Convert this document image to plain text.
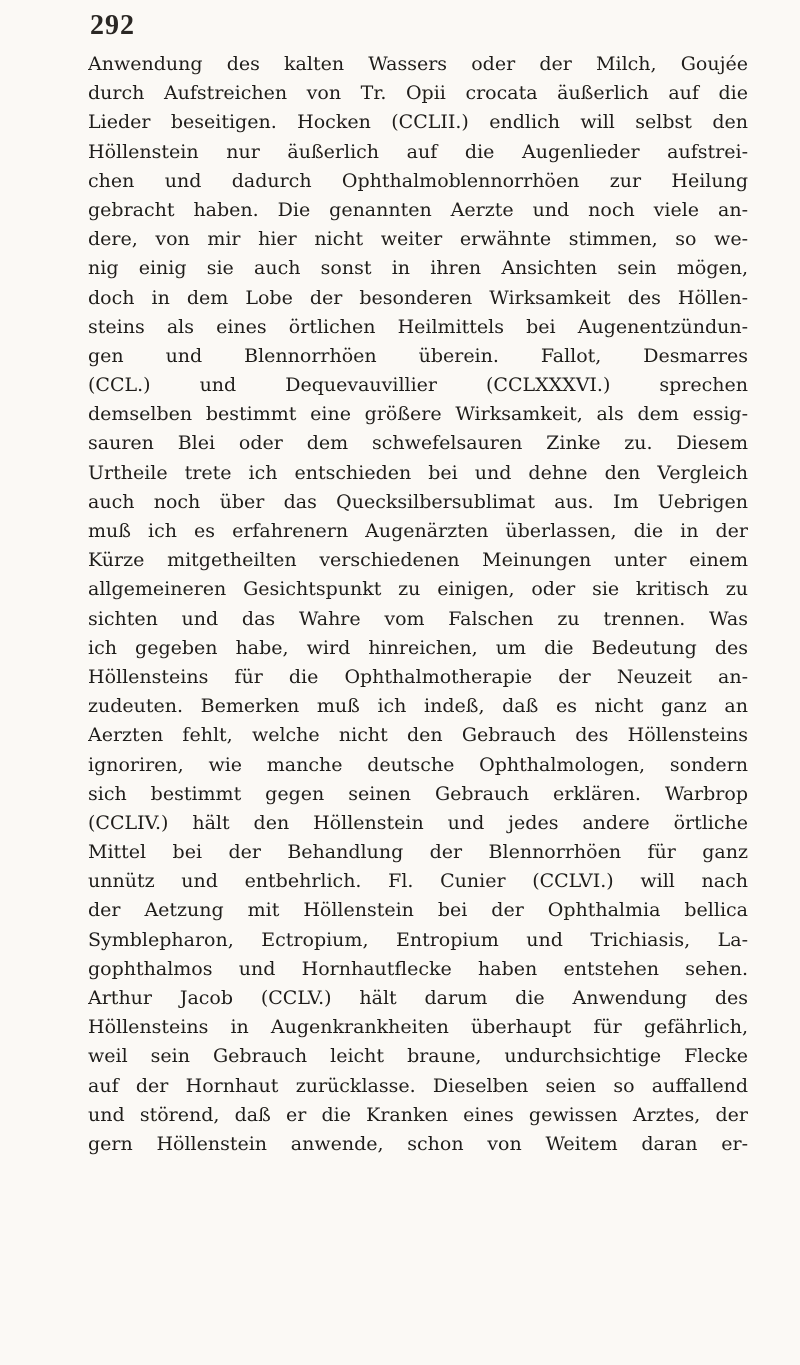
292
Anwendung des kalten Wassers oder der Milch, Goujée
durch Aufstreichen von Tr. Opii crocata äußerlich auf die
Lieder beseitigen. Hocken (CCLII.) endlich will selbst den
Höllenstein nur äußerlich auf die Augenlieder aufstrei-
chen und dadurch Ophthalmoblennorrhöen zur Heilung
gebracht haben. Die genannten Aerzte und noch viele an-
dere, von mir hier nicht weiter erwähnte stimmen, so we-
nig einig sie auch sonst in ihren Ansichten sein mögen,
doch in dem Lobe der besonderen Wirksamkeit des Höllen-
steins als eines örtlichen Heilmittels bei Augenentzündun-
gen und Blennorrhöen überein. Fallot, Desmarres
(CCL.) und Dequevauvillier (CCLXXXVI.) sprechen
demselben bestimmt eine größere Wirksamkeit, als dem essig-
sauren Blei oder dem schwefelsauren Zinke zu. Diesem
Urtheile trete ich entschieden bei und dehne den Vergleich
auch noch über das Quecksilbersublimat aus. Im Uebrigen
muß ich es erfahrenern Augenärzten überlassen, die in der
Kürze mitgetheilten verschiedenen Meinungen unter einem
allgemeineren Gesichtspunkt zu einigen, oder sie kritisch zu
sichten und das Wahre vom Falschen zu trennen. Was
ich gegeben habe, wird hinreichen, um die Bedeutung des
Höllensteins für die Ophthalmotherapie der Neuzeit an-
zudeuten. Bemerken muß ich indeß, daß es nicht ganz an
Aerzten fehlt, welche nicht den Gebrauch des Höllensteins
ignoriren, wie manche deutsche Ophthalmologen, sondern
sich bestimmt gegen seinen Gebrauch erklären. Warbrop
(CCLIV.) hält den Höllenstein und jedes andere örtliche
Mittel bei der Behandlung der Blennorrhöen für ganz
unnütz und entbehrlich. Fl. Cunier (CCLVI.) will nach
der Aetzung mit Höllenstein bei der Ophthalmia bellica
Symblepharon, Ectropium, Entropium und Trichiasis, La-
gophthalmos und Hornhautflecke haben entstehen sehen.
Arthur Jacob (CCLV.) hält darum die Anwendung des
Höllensteins in Augenkrankheiten überhaupt für gefährlich,
weil sein Gebrauch leicht braune, undurchsichtige Flecke
auf der Hornhaut zurücklasse. Dieselben seien so auffallend
und störend, daß er die Kranken eines gewissen Arztes, der
gern Höllenstein anwende, schon von Weitem daran er-
